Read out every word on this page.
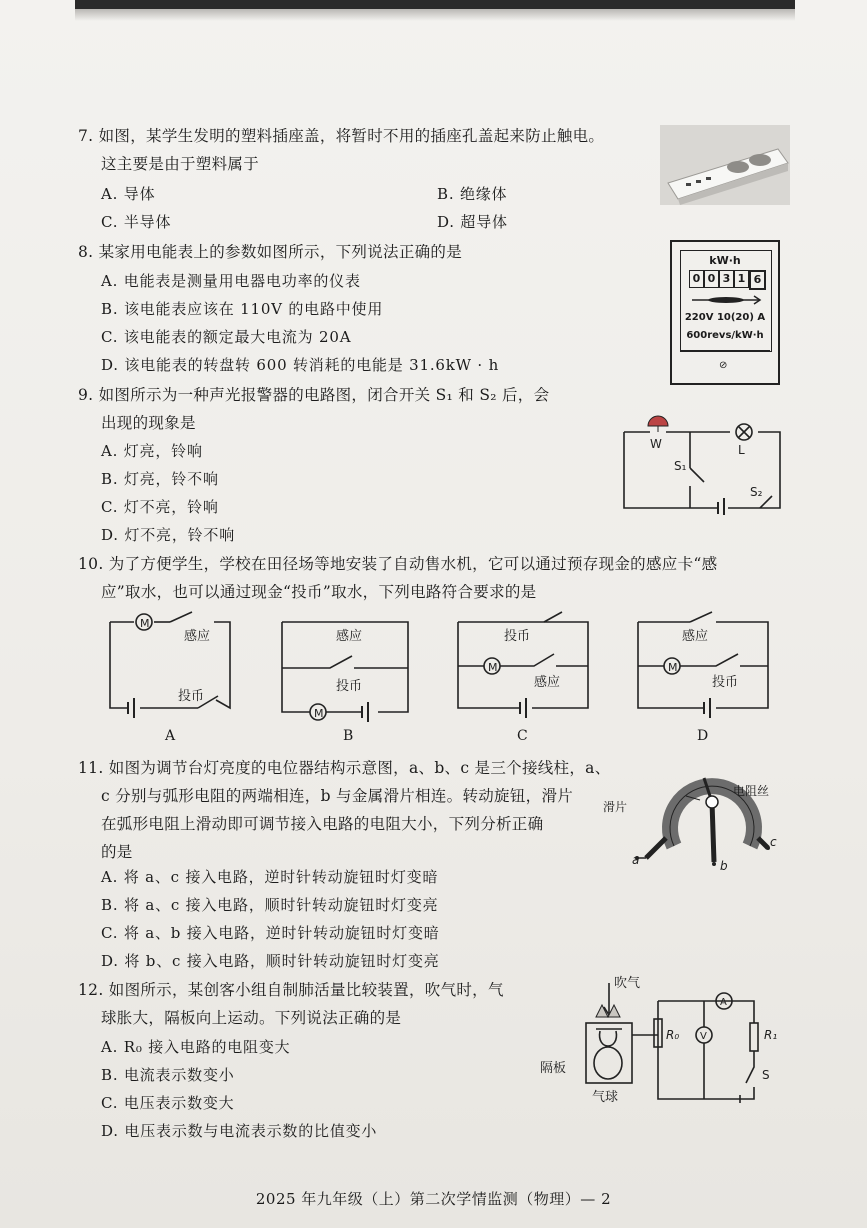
7. 如图，某学生发明的塑料插座盖，将暂时不用的插座孔盖起来防止触电。
这主要是由于塑料属于
A. 导体	B. 绝缘体
C. 半导体	D. 超导体
8. 某家用电能表上的参数如图所示，下列说法正确的是
A. 电能表是测量用电器电功率的仪表
B. 该电能表应该在 110V 的电路中使用
C. 该电能表的额定最大电流为 20A
D. 该电能表的转盘转 600 转消耗的电能是 31.6kW · h
kW·h
0 0 3 1 6
220V 10(20) A
600revs/kW·h
⊘
9. 如图所示为一种声光报警器的电路图，闭合开关 S₁ 和 S₂ 后，会
出现的现象是
A. 灯亮，铃响
B. 灯亮，铃不响
C. 灯不亮，铃响
D. 灯不亮，铃不响
W	L
S₁
S₂
10. 为了方便学生，学校在田径场等地安装了自动售水机，它可以通过预存现金的感应卡“感
应”取水，也可以通过现金“投币”取水，下列电路符合要求的是
M
感应
投币
A
M
感应
投币
B
M
投币
感应
C
M
感应
投币
D
11. 如图为调节台灯亮度的电位器结构示意图，a、b、c 是三个接线柱，a、
c 分别与弧形电阻的两端相连，b 与金属滑片相连。转动旋钮，滑片
在弧形电阻上滑动即可调节接入电路的电阻大小，下列分析正确
的是
A. 将 a、c 接入电路，逆时针转动旋钮时灯变暗
B. 将 a、c 接入电路，顺时针转动旋钮时灯变亮
C. 将 a、b 接入电路，逆时针转动旋钮时灯变暗
D. 将 b、c 接入电路，顺时针转动旋钮时灯变亮
a	b
c
滑片
电阻丝
12. 如图所示，某创客小组自制肺活量比较装置，吹气时，气
球胀大，隔板向上运动。下列说法正确的是
A. R₀ 接入电路的电阻变大
B. 电流表示数变小
C. 电压表示数变大
D. 电压表示数与电流表示数的比值变小
吹气
隔板
气球
R₀	R₁
S
A
V
2025 年九年级（上）第二次学情监测（物理）— 2
